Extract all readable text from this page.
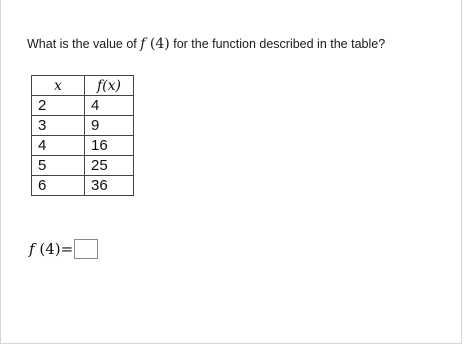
What is the value of f (4) for the function described in the table?
x	f(x)
2	4
3	9
4	16
5	25
6	36
f
(4) =
